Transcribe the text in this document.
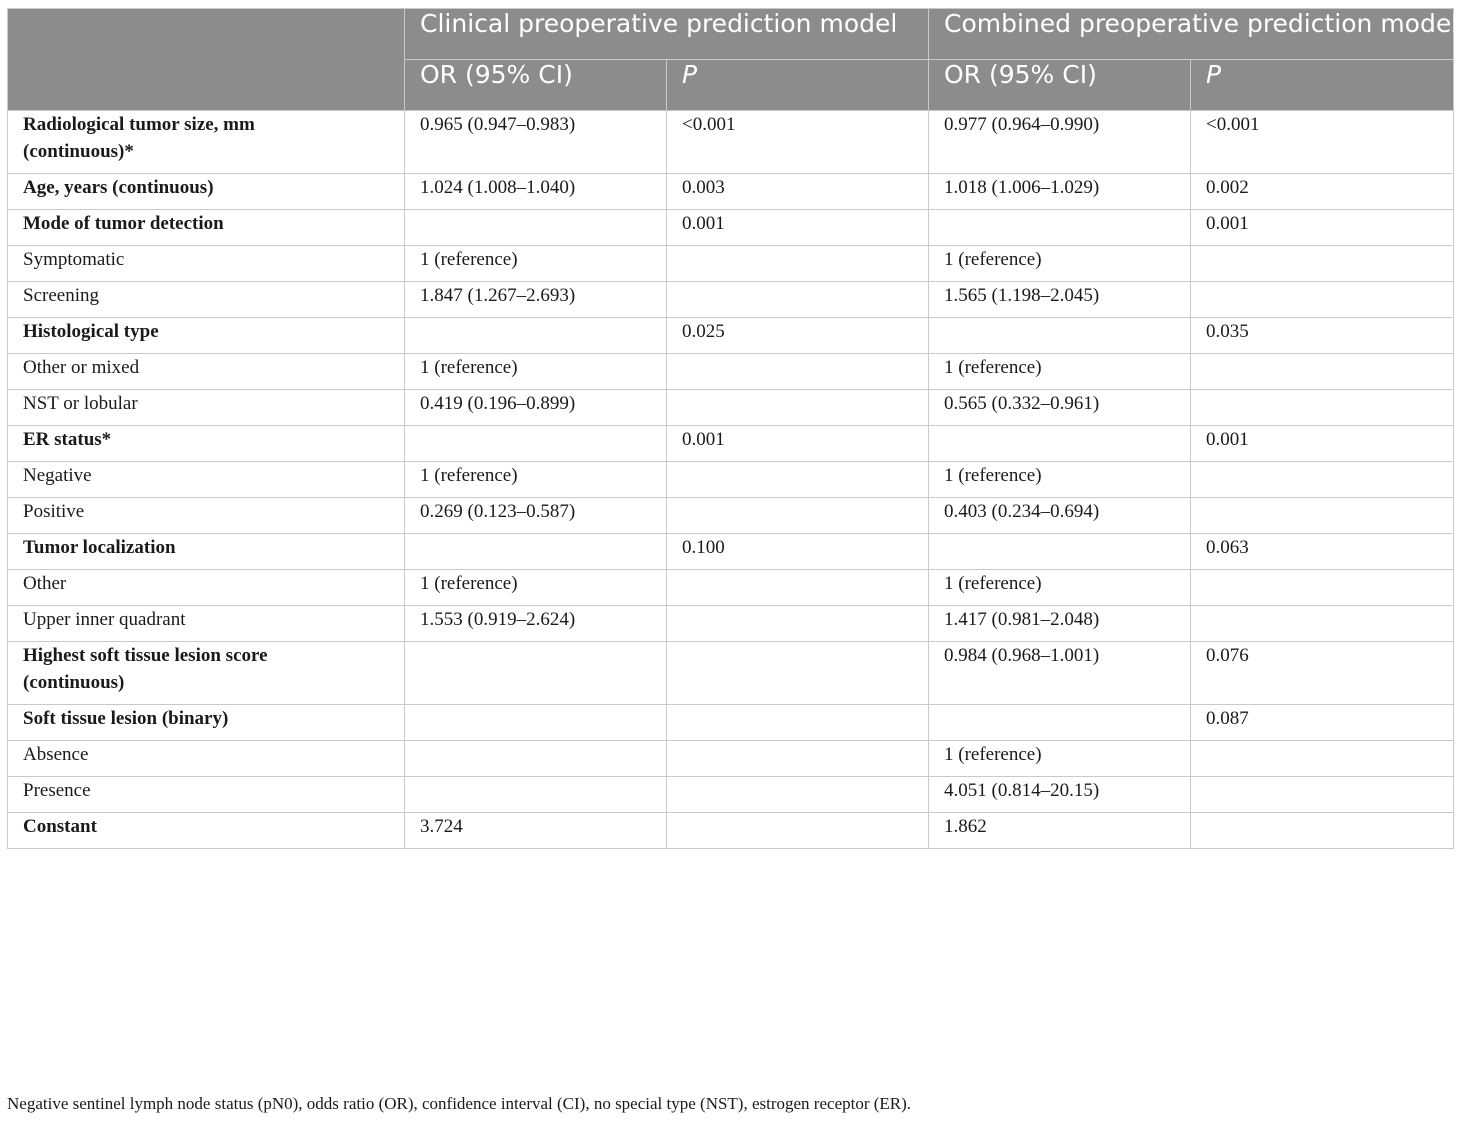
	Clinical preoperative prediction model		Combined preoperative prediction model	
	OR (95% CI)	P	OR (95% CI)	P
Radiological tumor size, mm (continuous)*	0.965 (0.947–0.983)	<0.001	0.977 (0.964–0.990)	<0.001
Age, years (continuous)	1.024 (1.008–1.040)	0.003	1.018 (1.006–1.029)	0.002
Mode of tumor detection		0.001		0.001
Symptomatic	1 (reference)		1 (reference)	
Screening	1.847 (1.267–2.693)		1.565 (1.198–2.045)	
Histological type		0.025		0.035
Other or mixed	1 (reference)		1 (reference)	
NST or lobular	0.419 (0.196–0.899)		0.565 (0.332–0.961)	
ER status*		0.001		0.001
Negative	1 (reference)		1 (reference)	
Positive	0.269 (0.123–0.587)		0.403 (0.234–0.694)	
Tumor localization		0.100		0.063
Other	1 (reference)		1 (reference)	
Upper inner quadrant	1.553 (0.919–2.624)		1.417 (0.981–2.048)	
Highest soft tissue lesion score (continuous)			0.984 (0.968–1.001)	0.076
Soft tissue lesion (binary)				0.087
Absence			1 (reference)	
Presence			4.051 (0.814–20.15)	
Constant	3.724		1.862	

Negative sentinel lymph node status (pN0), odds ratio (OR), confidence interval (CI), no special type (NST), estrogen receptor (ER).
